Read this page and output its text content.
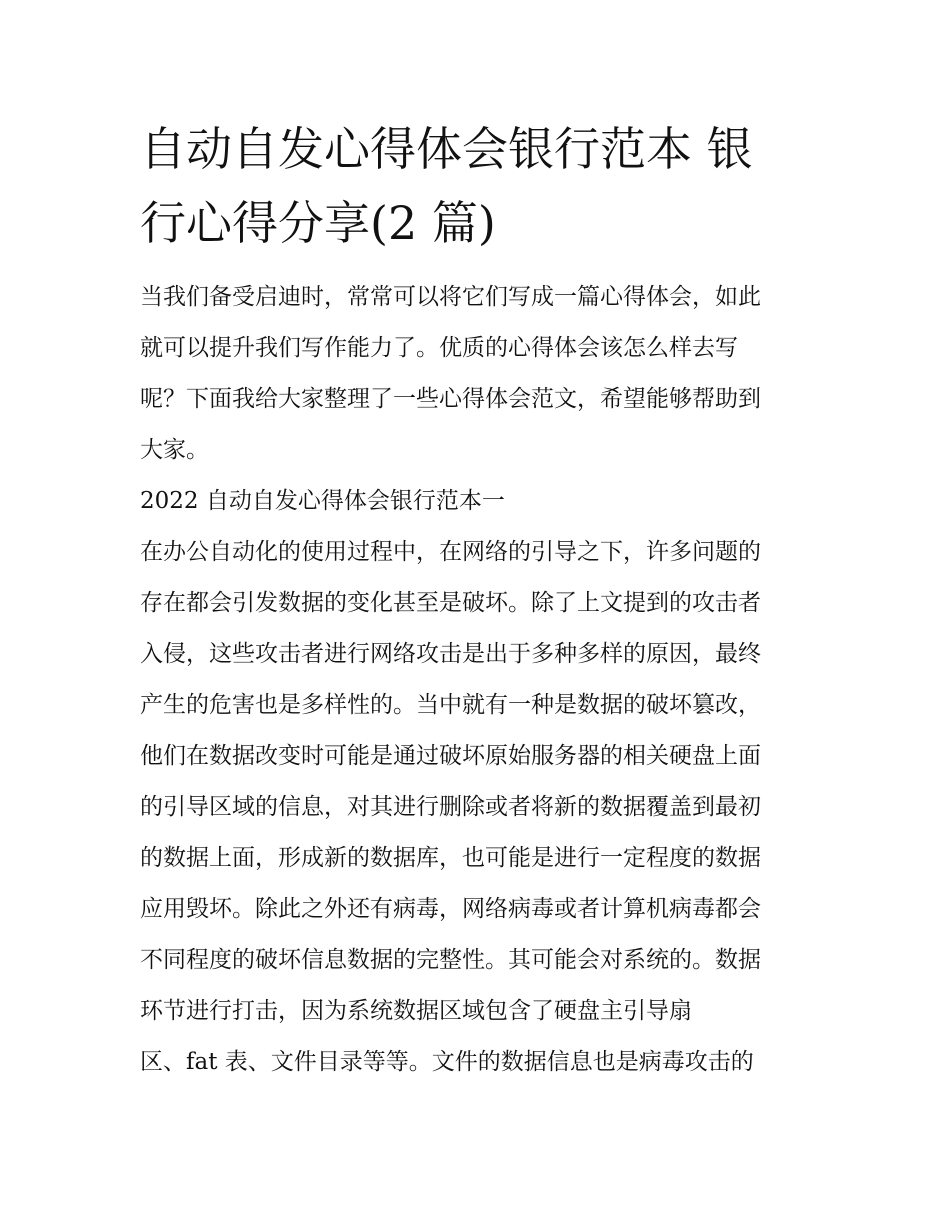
自动自发心得体会银行范本 银
行心得分享(2 篇)
当我们备受启迪时，常常可以将它们写成一篇心得体会，如此
就可以提升我们写作能力了。优质的心得体会该怎么样去写
呢？下面我给大家整理了一些心得体会范文，希望能够帮助到
大家。
2022 自动自发心得体会银行范本一
在办公自动化的使用过程中，在网络的引导之下，许多问题的
存在都会引发数据的变化甚至是破坏。除了上文提到的攻击者
入侵，这些攻击者进行网络攻击是出于多种多样的原因，最终
产生的危害也是多样性的。当中就有一种是数据的破坏篡改，
他们在数据改变时可能是通过破坏原始服务器的相关硬盘上面
的引导区域的信息，对其进行删除或者将新的数据覆盖到最初
的数据上面，形成新的数据库，也可能是进行一定程度的数据
应用毁坏。除此之外还有病毒，网络病毒或者计算机病毒都会
不同程度的破坏信息数据的完整性。其可能会对系统的。数据
环节进行打击，因为系统数据区域包含了硬盘主引导扇
区、fat 表、文件目录等等。文件的数据信息也是病毒攻击的
